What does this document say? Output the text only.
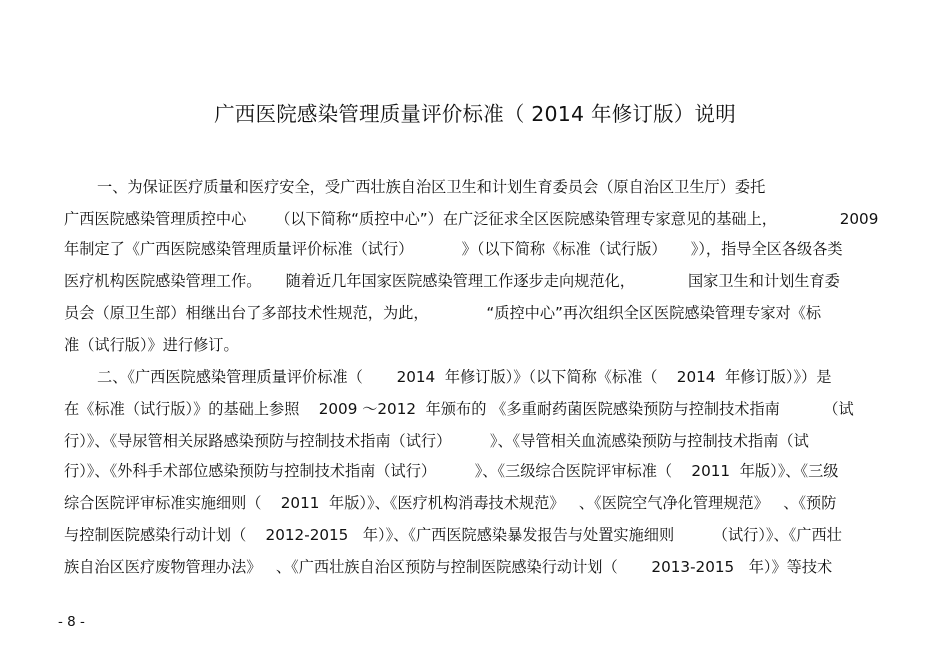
广西医院感染管理质量评价标准（ 2014 年修订版）说明
一、为保证医疗质量和医疗安全，受广西壮族自治区卫生和计划生育委员会（原自治区卫生厅）委托
广西医院感染管理质控中心      （以下简称“质控中心”）在广泛征求全区医院感染管理专家意见的基础上，             2009
年制定了《广西医院感染管理质量评价标准（试行）          》（以下简称《标准（试行版）     》），指导全区各级各类
医疗机构医院感染管理工作。     随着近几年国家医院感染管理工作逐步走向规范化，           国家卫生和计划生育委
员会（原卫生部）相继出台了多部技术性规范，为此，            “质控中心”再次组织全区医院感染管理专家对《标
准（试行版）》进行修订。
二、《广西医院感染管理质量评价标准（       2014  年修订版）》（以下简称《标准（    2014  年修订版）》）是
在《标准（试行版）》的基础上参照    2009 ～2012  年颁布的 《多重耐药菌医院感染预防与控制技术指南         （试
行）》、《导尿管相关尿路感染预防与控制技术指南（试行）        》、《导管相关血流感染预防与控制技术指南（试
行）》、《外科手术部位感染预防与控制技术指南（试行）        》、《三级综合医院评审标准（    2011  年版）》、《三级
综合医院评审标准实施细则（    2011  年版）》、《医疗机构消毒技术规范》   、《医院空气净化管理规范》   、《预防
与控制医院感染行动计划（    2012-2015   年）》、《广西医院感染暴发报告与处置实施细则        （试行）》、《广西壮
族自治区医疗废物管理办法》   、《广西壮族自治区预防与控制医院感染行动计划（       2013-2015   年）》等技术
- 8 -
